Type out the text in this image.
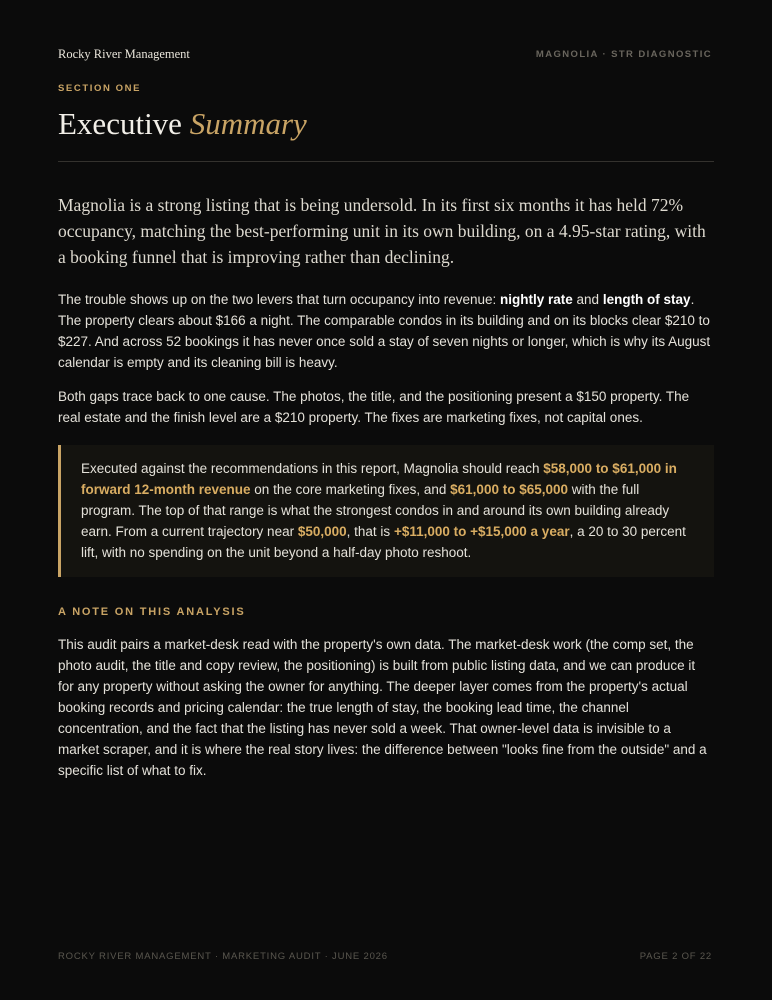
Rocky River Management	MAGNOLIA · STR DIAGNOSTIC
SECTION ONE
Executive Summary

Magnolia is a strong listing that is being undersold. In its first six months it has held 72% occupancy, matching the best-performing unit in its own building, on a 4.95-star rating, with a booking funnel that is improving rather than declining.

The trouble shows up on the two levers that turn occupancy into revenue: nightly rate and length of stay. The property clears about $166 a night. The comparable condos in its building and on its blocks clear $210 to $227. And across 52 bookings it has never once sold a stay of seven nights or longer, which is why its August calendar is empty and its cleaning bill is heavy.

Both gaps trace back to one cause. The photos, the title, and the positioning present a $150 property. The real estate and the finish level are a $210 property. The fixes are marketing fixes, not capital ones.

Executed against the recommendations in this report, Magnolia should reach $58,000 to $61,000 in forward 12-month revenue on the core marketing fixes, and $61,000 to $65,000 with the full program. The top of that range is what the strongest condos in and around its own building already earn. From a current trajectory near $50,000, that is +$11,000 to +$15,000 a year, a 20 to 30 percent lift, with no spending on the unit beyond a half-day photo reshoot.

A NOTE ON THIS ANALYSIS

This audit pairs a market-desk read with the property's own data. The market-desk work (the comp set, the photo audit, the title and copy review, the positioning) is built from public listing data, and we can produce it for any property without asking the owner for anything. The deeper layer comes from the property's actual booking records and pricing calendar: the true length of stay, the booking lead time, the channel concentration, and the fact that the listing has never sold a week. That owner-level data is invisible to a market scraper, and it is where the real story lives: the difference between "looks fine from the outside" and a specific list of what to fix.

ROCKY RIVER MANAGEMENT · MARKETING AUDIT · JUNE 2026	PAGE 2 OF 22
